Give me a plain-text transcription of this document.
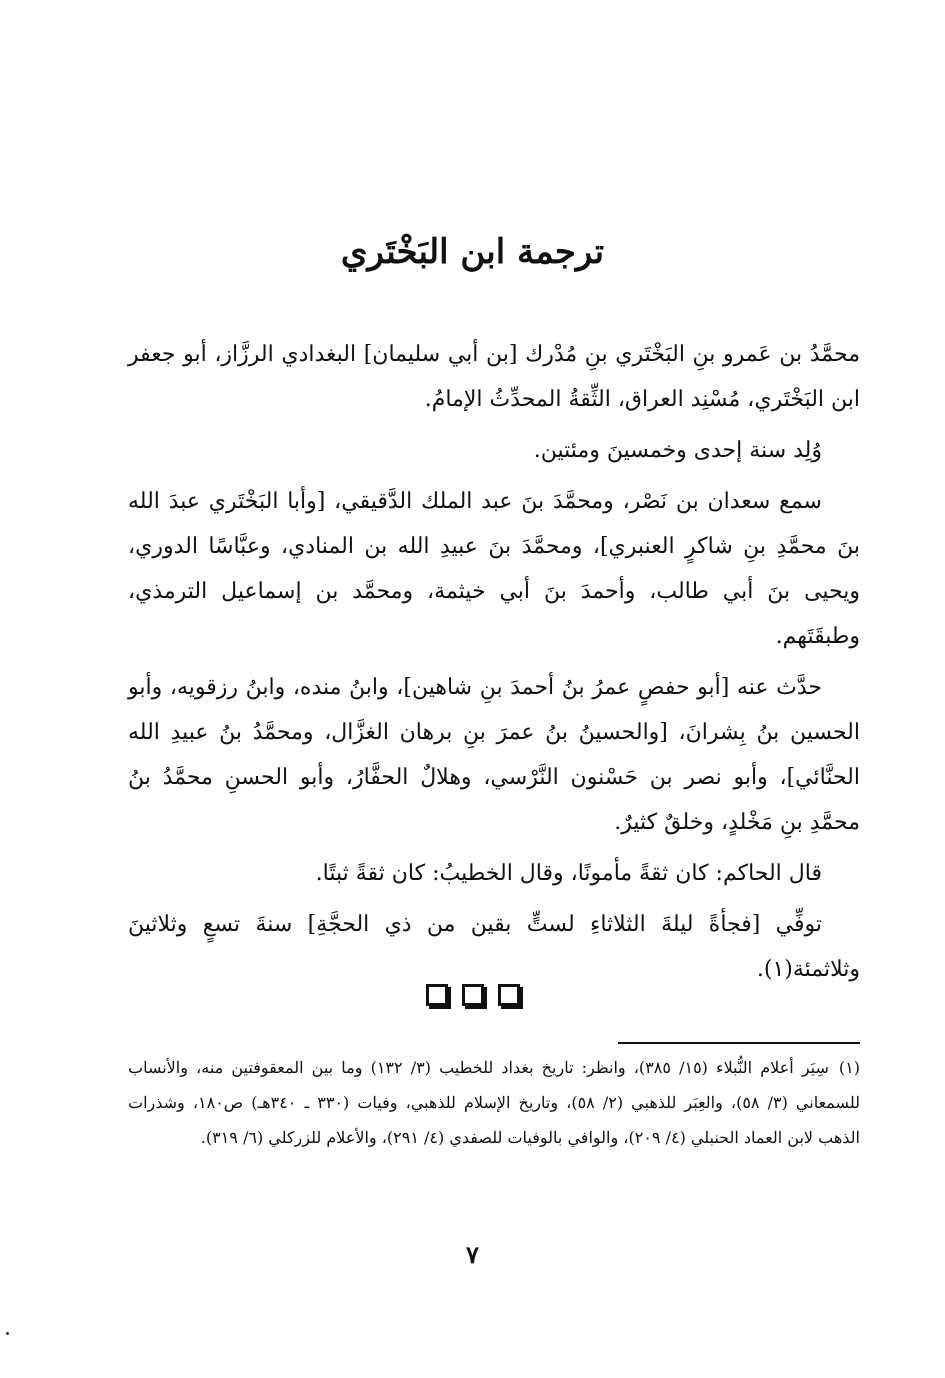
ترجمة ابن البَخْتَري

محمَّدُ بن عَمرو بنِ البَخْتَري بنِ مُدْرك [بن أبي سليمان] البغدادي الرزَّاز، أبو جعفر ابن البَخْتَري، مُسْنِد العراق، الثِّقةُ المحدِّثُ الإمامُ.

وُلِد سنة إحدى وخمسينَ ومئتين.

سمع سعدان بن نَصْر، ومحمَّدَ بنَ عبد الملك الدَّقيقي، [وأبا البَخْتَري عبدَ الله بنَ محمَّدِ بنِ شاكرٍ العنبري]، ومحمَّدَ بنَ عبيدِ الله بن المنادي، وعبَّاسًا الدوري، ويحيى بنَ أبي طالب، وأحمدَ بنَ أبي خيثمة، ومحمَّد بن إسماعيل الترمذي، وطبقَتَهم.

حدَّث عنه [أبو حفصٍ عمرُ بنُ أحمدَ بنِ شاهين]، وابنُ منده، وابنُ رزقويه، وأبو الحسين بنُ بِشرانَ، [والحسينُ بنُ عمرَ بنِ برهان الغزَّال، ومحمَّدُ بنُ عبيدِ الله الحنَّائي]، وأبو نصر بن حَسْنون النَّرْسي، وهلالٌ الحفَّارُ، وأبو الحسنِ محمَّدُ بنُ محمَّدِ بنِ مَخْلدٍ، وخلقٌ كثيرٌ.

قال الحاكم: كان ثقةً مأمونًا، وقال الخطيبُ: كان ثقةً ثبتًا.

توفِّي [فجأةً ليلةَ الثلاثاءِ لستٍّ بقين من ذي الحجَّةِ] سنةَ تسعٍ وثلاثينَ وثلاثمئة(١).

(١)سِيَر أعلام النُّبلاء (١٥/ ٣٨٥)، وانظر: تاريخ بغداد للخطيب (٣/ ١٣٢) وما بين المعقوفتين منه، والأنساب للسمعاني (٣/ ٥٨)، والعِبَر للذهبي (٢/ ٥٨)، وتاريخ الإسلام للذهبي، وفيات (٣٣٠ ـ ٣٤٠هـ) ص١٨٠، وشذرات الذهب لابن العماد الحنبلي (٤/ ٢٠٩)، والوافي بالوفيات للصفدي (٤/ ٢٩١)، والأعلام للزركلي (٦/ ٣١٩).
٧
